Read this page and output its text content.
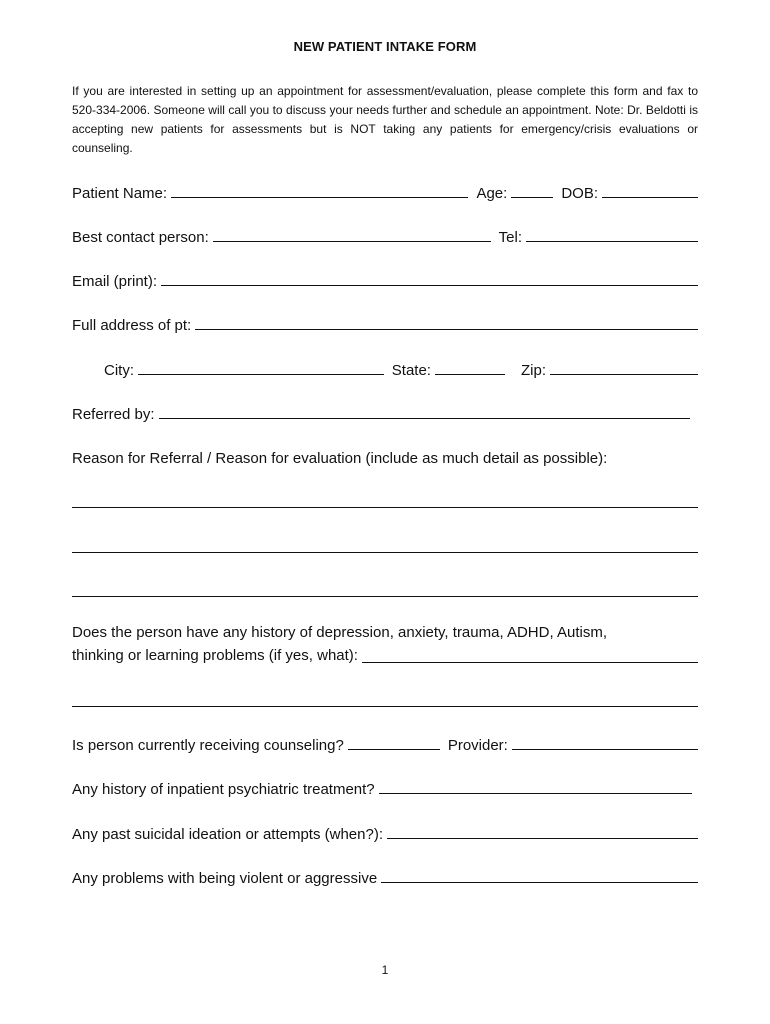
NEW PATIENT INTAKE FORM

If you are interested in setting up an appointment for assessment/evaluation, please complete this form and fax to 520-334-2006. Someone will call you to discuss your needs further and schedule an appointment. Note: Dr. Beldotti is accepting new patients for assessments but is NOT taking any patients for emergency/crisis evaluations or counseling.

Patient Name:	Age:	DOB:
Best contact person:	Tel:
Email (print):
Full address of pt:
City:	State:	Zip:
Referred by:
Reason for Referral / Reason for evaluation (include as much detail as possible):
Does the person have any history of depression, anxiety, trauma, ADHD, Autism,
thinking or learning problems (if yes, what):
Is person currently receiving counseling?	Provider:
Any history of inpatient psychiatric treatment?
Any past suicidal ideation or attempts (when?):
Any problems with being violent or aggressive
1
